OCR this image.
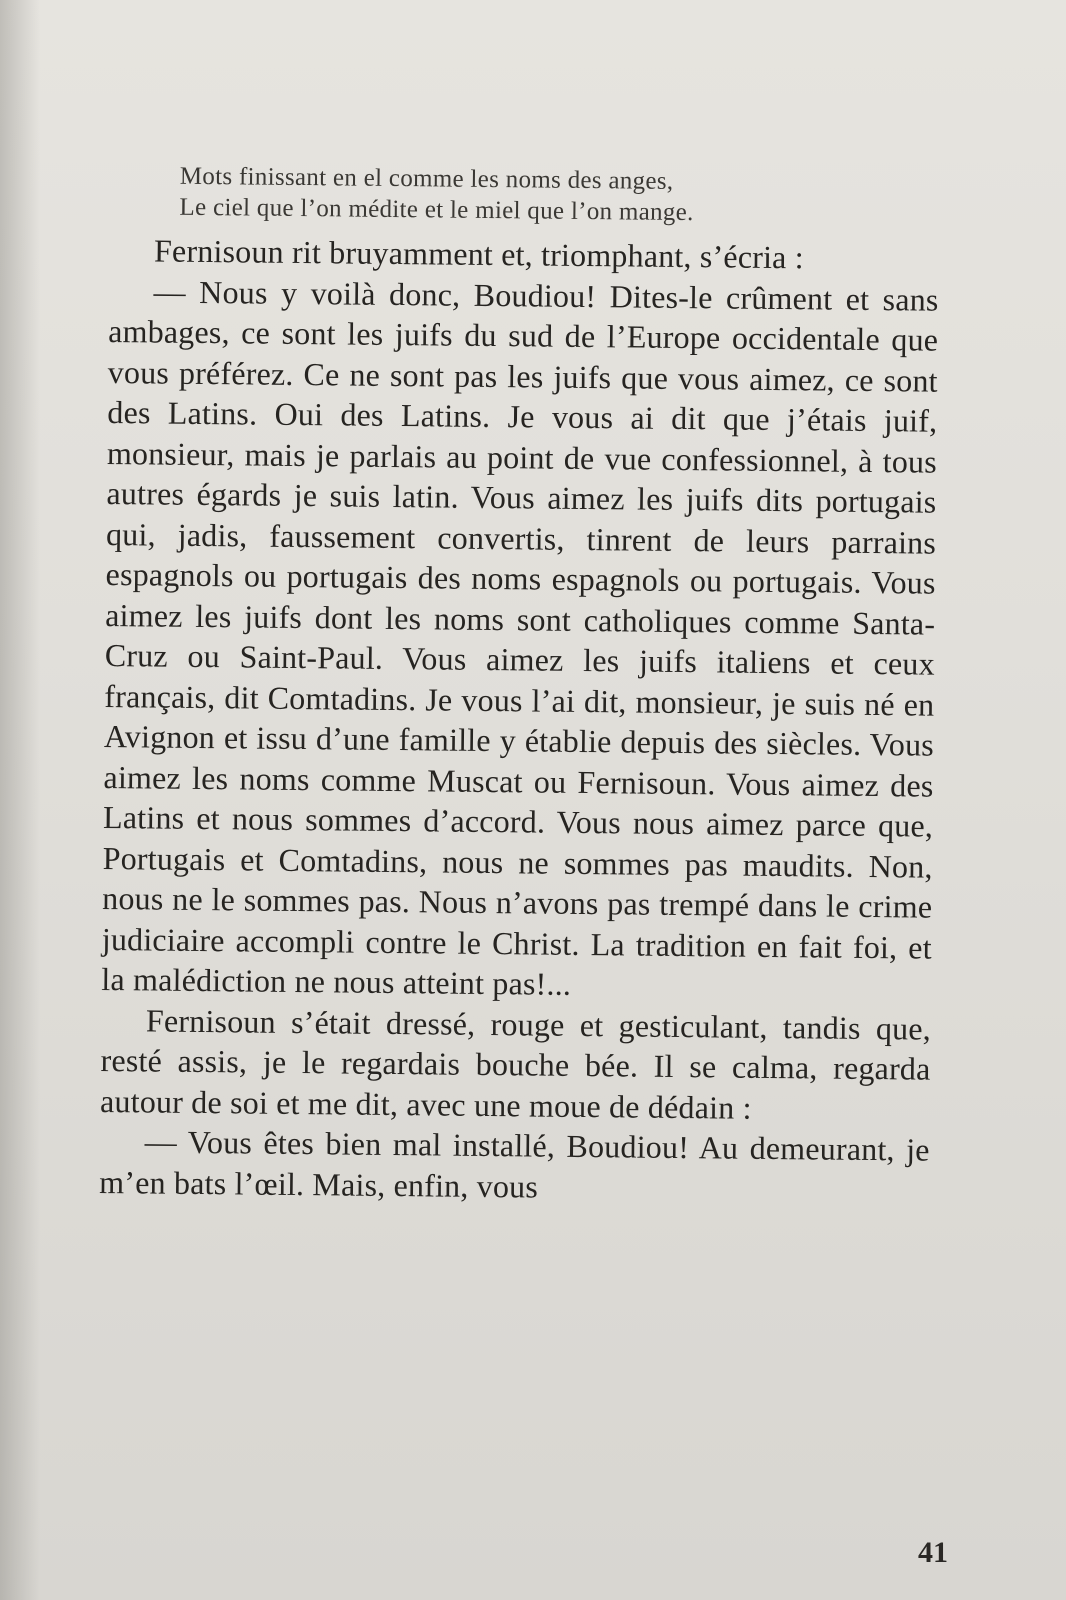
Mots finissant en el comme les noms des anges,
Le ciel que l’on médite et le miel que l’on mange.

Fernisoun rit bruyamment et, triomphant, s’écria :

— Nous y voilà donc, Boudiou! Dites-le crûment et sans ambages, ce sont les juifs du sud de l’Europe occidentale que vous préférez. Ce ne sont pas les juifs que vous aimez, ce sont des Latins. Oui des Latins. Je vous ai dit que j’étais juif, monsieur, mais je parlais au point de vue confessionnel, à tous autres égards je suis latin. Vous aimez les juifs dits portugais qui, jadis, faussement convertis, tinrent de leurs parrains espagnols ou portugais des noms espagnols ou portugais. Vous aimez les juifs dont les noms sont catholiques comme Santa-Cruz ou Saint-Paul. Vous aimez les juifs italiens et ceux français, dit Comtadins. Je vous l’ai dit, monsieur, je suis né en Avignon et issu d’une famille y établie depuis des siècles. Vous aimez les noms comme Muscat ou Fernisoun. Vous aimez des Latins et nous sommes d’accord. Vous nous aimez parce que, Portugais et Comtadins, nous ne sommes pas maudits. Non, nous ne le sommes pas. Nous n’avons pas trempé dans le crime judiciaire accompli contre le Christ. La tradition en fait foi, et la malédiction ne nous atteint pas!...

Fernisoun s’était dressé, rouge et gesticulant, tandis que, resté assis, je le regardais bouche bée. Il se calma, regarda autour de soi et me dit, avec une moue de dédain :

— Vous êtes bien mal installé, Boudiou! Au demeurant, je m’en bats l’œil. Mais, enfin, vous

41
